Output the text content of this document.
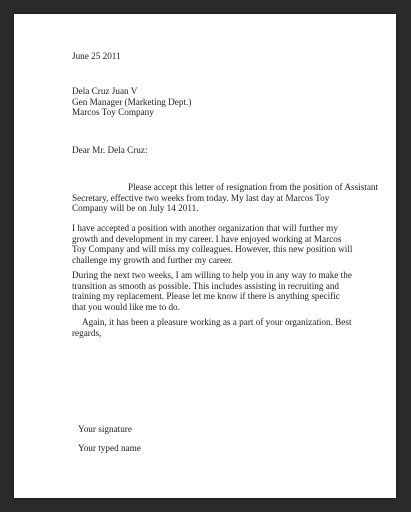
June 25 2011
Dela Cruz Juan V
Gen Manager (Marketing Dept.)
Marcos Toy Company
Dear Mr. Dela Cruz:
Please accept this letter of resignation from the position of Assistant
Secretary, effective two weeks from today. My last day at Marcos Toy
Company will be on July 14 2011.
I have accepted a position with another organization that will further my
growth and development in my career. I have enjoyed working at Marcos
Toy Company and will miss my colleagues. However, this new position will
challenge my growth and further my career.
During the next two weeks, I am willing to help you in any way to make the
transition as smooth as possible. This includes assisting in recruiting and
training my replacement. Please let me know if there is anything specific
that you would like me to do.
Again, it has been a pleasure working as a part of your organization. Best
regards,
Your signature
Your typed name
